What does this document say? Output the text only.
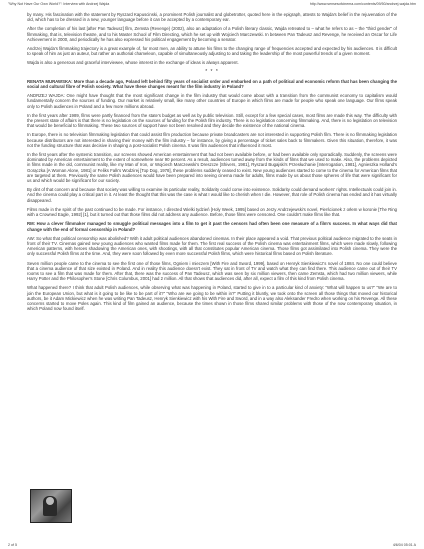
"Why Not Have Our Own World?": Interview with Andrzej Wajda	http://www.sensesofcinema.com/contents/09/50/andrzej-wajda.htm

by many. His fascination with the statement by Ryszard Kapuscinski, a prominent Polish journalist and globetrotter, quoted here in the epigraph, attests to Wajda's belief in the rejuvenation of the old, which has to be dressed in a new, younger language before it can be accepted by a contemporary ear.

After the completion of his last [after Pan Tadeusz] film, Zemsta (Revenge) (2002), also an adaptation of a Polish literary classic, Wajda retreated to – what he refers to as – the "third gender" of filmmaking, that is, television theatre, and to his Master School of Film Directing, which he set up with Wojciech Marczewski. In between Pan Tadeusz and Revenge, he received an Oscar for Life Achievement in 2000, and periodically he has also expressed his political engagement by becoming a senator.

Andrzej Wajda's filmmaking trajectory is a great example of, for most men, an ability to attune his films to the changing range of frequencies accepted and expected by his audiences. It is difficult to speak of him as just an auteur, but rather an authorial chameleon, capable of simultaneously adjusting to and taking the leadership of the most powerful trends of a given moment.

Wajda is also a generous and graceful interviewee, whose interest in the exchange of ideas is always apparent.

* * *

RENATA MURAWSKA: More than a decade ago, Poland left behind fifty years of socialist order and embarked on a path of political and economic reform that has been changing the social and cultural fibre of Polish society. What have these changes meant for the film industry in Poland?

ANDRZEJ WAJDA: One might have thought that the most significant change in the film industry that would come about with a transition from the communist economy to capitalism would fundamentally concern the sources of funding. Our market is relatively small, like many other countries of Europe in which films are made for people who speak one language. Our films speak only to Polish audiences in Poland and a few more millions abroad.

In the first years after 1989, films were partly financed from the state's budget as well as by public television. Still, except for a few special cases, most films are made this way. The difficulty with the present state of affairs is that there is no legislation on the sources of funding for the Polish film industry. There is no legislation concerning filmmaking. And, there is no legislation on television that would be beneficial to filmmaking. These two sources of support have not been resolved and they decide the existence of the national cinema.

In Europe, there is no television filmmaking legislation that could assist film production because private broadcasters are not interested in supporting Polish film. There is no filmmaking legislation because distributors are not interested in sharing their money with the film industry – for instance, by giving a percentage of ticket sales back to filmmakers. Given this situation, therefore, it was not the funding structure that was decisive in shaping a post-socialist Polish cinema. It was film audiences that influenced it most.

In the first years after the systemic transition, our screens showed American entertainment that had not been available before, or had been available only sporadically. Suddenly, the screens were dominated by American entertainment to the extent of somewhere near 90 percent. As a result, audiences turned away from the kinds of films that we used to make. Also, the problems depicted in films made in the old, communist reality, like my Man of Iron, or Wojciech Marczewski's Dreszcze [Shivers, 1981], Ryszard Bugajski's Przesłuchanie [Interrogation, 1981], Agnieszka Holland's Gorączka [A Woman Alone, 1981] or Feliks Falk's Wodzirej [Top Dog, 1978], these problems suddenly ceased to exist. New young audiences started to come to the cinema for American films that are targeted at them. Previously the same Polish audiences would have been prepared into seeing cinema made for adults, films made by us about those spheres of life that were significant for us and which would be significant for our society.

By dint of that concern and because that society was willing to examine its particular reality, Solidarity could come into existence. Solidarity could demand workers' rights. Intellectuals could join in. And the cinema could play a critical part in it. At least the thought that this was the case is what I would like to cherish when I die. However, that role of Polish cinema has ended and it has virtually disappeared.

Films made in the spirit of the past continued to be made. For instance, I directed Wielki tydzień [Holy Week, 1995] based on Jerzy Andrzejewski's novel, Pierścionek z orłem w koronie [The Ring with a Crowned Eagle, 1992] [1], but it turned out that those films did not address any audience. Before, those films were censored. One couldn't make films like that.

RM: How a clever filmmaker managed to smuggle political messages into a film to get it past the censors had often been one measure of a film's success. In what ways did that change with the end of formal censorship in Poland?

AW: So what that political censorship was abolished? With it adult political audiences abandoned cinemas. In their place appeared a void. That previous political audience migrated to the seats in front of their TV. Cinemas gained new young audiences who wanted films made for them. The first real success of the Polish cinema was entertainment films, which were made slowly, following American patterns, with heroes shadowing the American ones, with shootings, with all that constitutes popular American cinema. Those films got assimilated into Polish cinema. They were the only successful Polish films at the time. And, they were soon followed by even more successful Polish films, which were historical films based on Polish literature.

Seven million people came to the cinema to see the first one of those films, Ogniem i mieczem [With Fire and Sword, 1999], based on Henryk Sienkiewicz's novel of 1884. No one could believe that a cinema audience of that size existed in Poland. And in reality this audience doesn't exist. They sat in front of TV and watch what they can find there. This audience came out of their TV rooms to see a film that was made for them. After that, there was the success of Pan Tadeusz, which was seen by six million viewers, then came Zemsta, which had two million viewers, while Harry Potter and the Philosopher's Stone [Chris Columbus, 2001] had 2 million. All that shows that audiences did, after all, expect a film of this kind from Polish cinema.

What happened there? I think that adult Polish audiences, while observing what was happening in Poland, started to give in to a particular kind of anxiety: "What will happen to us?" "We are to join the European Union, but what is it going to be like to be part of it?" "Who are we going to be within in?" Putting it bluntly, we took onto the screen all those things that moved our historical authors, be it Adam Mickiewicz when he was writing Pan Tadeusz, Henryk Sienkiewicz with his With Fire and Sword, and in a way also Aleksander Fredro when working on his Revenge. All these concerns started to move Poles again. This kind of film gained an audience, because the times shown in those films shared similar problems with those of the now contemporary situation, in which Poland now found itself.

2 of 5	4/6/04 05:01 A
